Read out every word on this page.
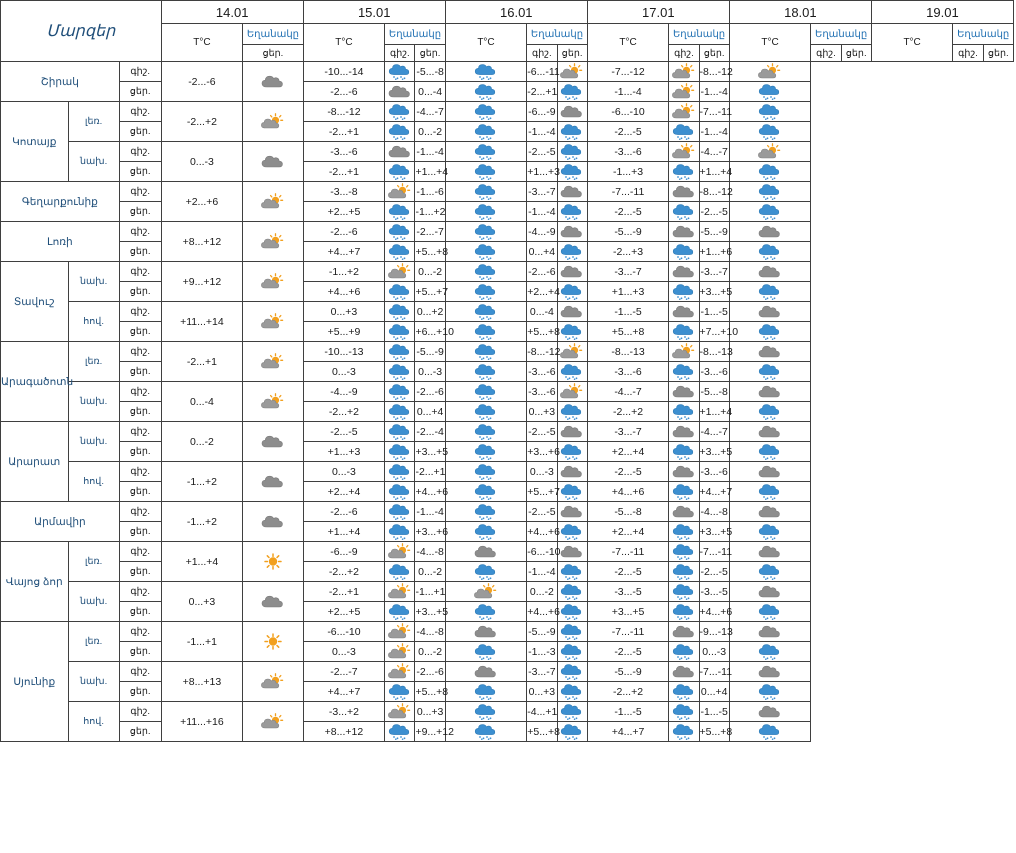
Մարզեր			14.01		15.01			16.01			17.01			18.01			19.01		
			T°C	Եղանակը	T°C	Եղանակը		T°C	Եղանակը		T°C	Եղանակը		T°C	Եղանակը		T°C	Եղանակը	
				ցեր.		գիշ.	ցեր.		գիշ.	ցեր.		գիշ.	ցեր.		գիշ.	ցեր.		գիշ.	ցեր.
Շիրակ		գիշ.	-2...-6		-10...-14		-5...-8		-6...-11		-7...-12		-8...-12	

		ցեր.			-2...-6		0...-4		-2...+1		-1...-4		-1...-4	

Կոտայք	լեռ.	գիշ.	-2...+2		-8...-12		-4...-7		-6...-9		-6...-10		-7...-11	

		ցեր.			-2...+1		0...-2		-1...-4		-2...-5		-1...-4	

	նախ.	գիշ.	0...-3		-3...-6		-1...-4		-2...-5		-3...-6		-4...-7	

		ցեր.			-2...+1		+1...+4		+1...+3		-1...+3		+1...+4	

Գեղարքունիք		գիշ.	+2...+6		-3...-8		-1...-6		-3...-7		-7...-11		-8...-12	

		ցեր.			+2...+5		-1...+2		-1...-4		-2...-5		-2...-5	

Լոռի		գիշ.	+8...+12		-2...-6		-2...-7		-4...-9		-5...-9		-5...-9	

		ցեր.			+4...+7		+5...+8		0...+4		-2...+3		+1...+6	

Տավուշ	նախ.	գիշ.	+9...+12		-1...+2		0...-2		-2...-6		-3...-7		-3...-7	

		ցեր.			+4...+6		+5...+7		+2...+4		+1...+3		+3...+5	

	հով.	գիշ.	+11...+14		0...+3		0...+2		0...-4		-1...-5		-1...-5	

		ցեր.			+5...+9		+6...+10		+5...+8		+5...+8		+7...+10	

Արագածոտն	լեռ.	գիշ.	-2...+1		-10...-13		-5...-9		-8...-12		-8...-13		-8...-13	

		ցեր.			0...-3		0...-3		-3...-6		-3...-6		-3...-6	

	նախ.	գիշ.	0...-4		-4...-9		-2...-6		-3...-6		-4...-7		-5...-8	

		ցեր.			-2...+2		0...+4		0...+3		-2...+2		+1...+4	

Արարատ	նախ.	գիշ.	0...-2		-2...-5		-2...-4		-2...-5		-3...-7		-4...-7	

		ցեր.			+1...+3		+3...+5		+3...+6		+2...+4		+3...+5	

	հով.	գիշ.	-1...+2		0...-3		-2...+1		0...-3		-2...-5		-3...-6	

		ցեր.			+2...+4		+4...+6		+5...+7		+4...+6		+4...+7	

Արմավիր		գիշ.	-1...+2		-2...-6		-1...-4		-2...-5		-5...-8		-4...-8	

		ցեր.			+1...+4		+3...+6		+4...+6		+2...+4		+3...+5	

Վայոց ձոր	լեռ.	գիշ.	+1...+4		-6...-9		-4...-8		-6...-10		-7...-11		-7...-11	

		ցեր.			-2...+2		0...-2		-1...-4		-2...-5		-2...-5	

	նախ.	գիշ.	0...+3		-2...+1		-1...+1		0...-2		-3...-5		-3...-5	

		ցեր.			+2...+5		+3...+5		+4...+6		+3...+5		+4...+6	

Սյունիք	լեռ.	գիշ.	-1...+1		-6...-10		-4...-8		-5...-9		-7...-11		-9...-13	

		ցեր.			0...-3		0...-2		-1...-3		-2...-5		0...-3	

	նախ.	գիշ.	+8...+13		-2...-7		-2...-6		-3...-7		-5...-9		-7...-11	

		ցեր.			+4...+7		+5...+8		0...+3		-2...+2		0...+4	

	հով.	գիշ.	+11...+16		-3...+2		0...+3		-4...+1		-1...-5		-1...-5	

		ցեր.			+8...+12		+9...+12		+5...+8		+4...+7		+5...+8	
